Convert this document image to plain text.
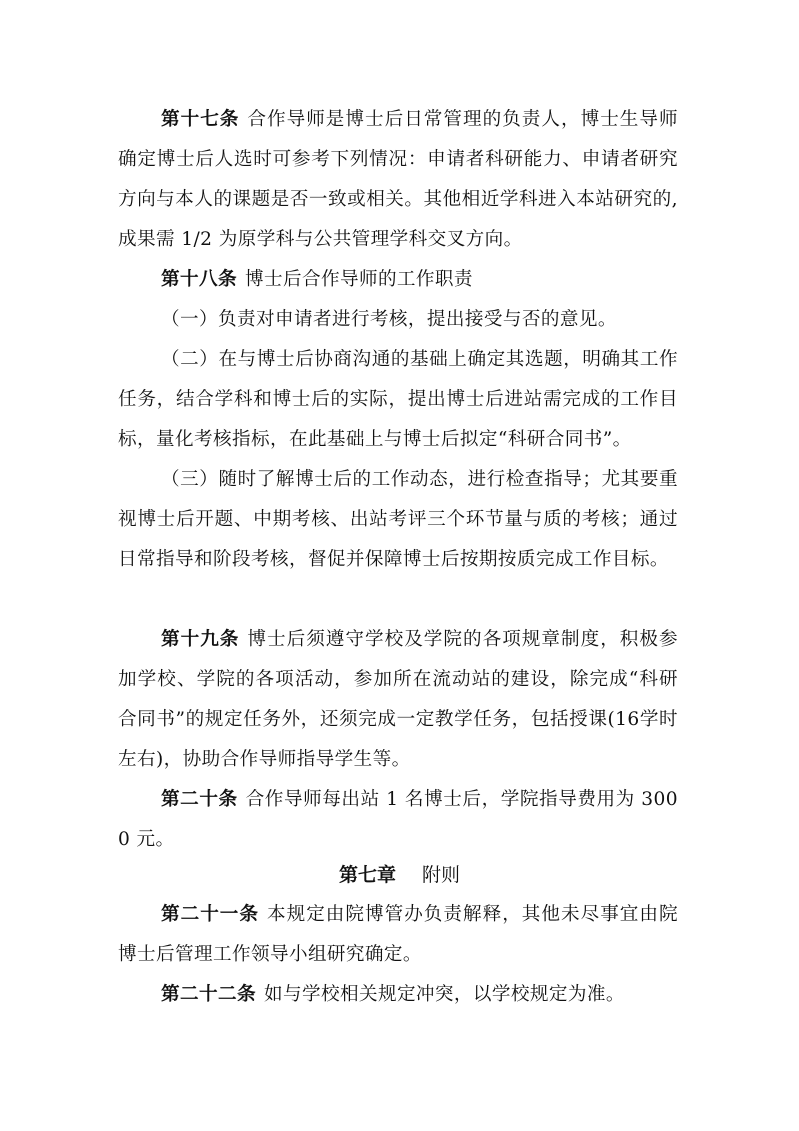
第十七条 合作导师是博士后日常管理的负责人，博士生导师确定博士后人选时可参考下列情况：申请者科研能力、申请者研究方向与本人的课题是否一致或相关。其他相近学科进入本站研究的,成果需 1/2 为原学科与公共管理学科交叉方向。

第十八条 博士后合作导师的工作职责

（一）负责对申请者进行考核，提出接受与否的意见。

（二）在与博士后协商沟通的基础上确定其选题，明确其工作任务，结合学科和博士后的实际，提出博士后进站需完成的工作目标，量化考核指标，在此基础上与博士后拟定“科研合同书”。

（三）随时了解博士后的工作动态，进行检查指导；尤其要重视博士后开题、中期考核、出站考评三个环节量与质的考核；通过日常指导和阶段考核，督促并保障博士后按期按质完成工作目标。

第十九条 博士后须遵守学校及学院的各项规章制度，积极参加学校、学院的各项活动，参加所在流动站的建设，除完成“科研合同书”的规定任务外，还须完成一定教学任务，包括授课(16学时左右)，协助合作导师指导学生等。

第二十条 合作导师每出站 1 名博士后，学院指导费用为 3000 元。

第七章 附则

第二十一条 本规定由院博管办负责解释，其他未尽事宜由院博士后管理工作领导小组研究确定。

第二十二条 如与学校相关规定冲突，以学校规定为准。
